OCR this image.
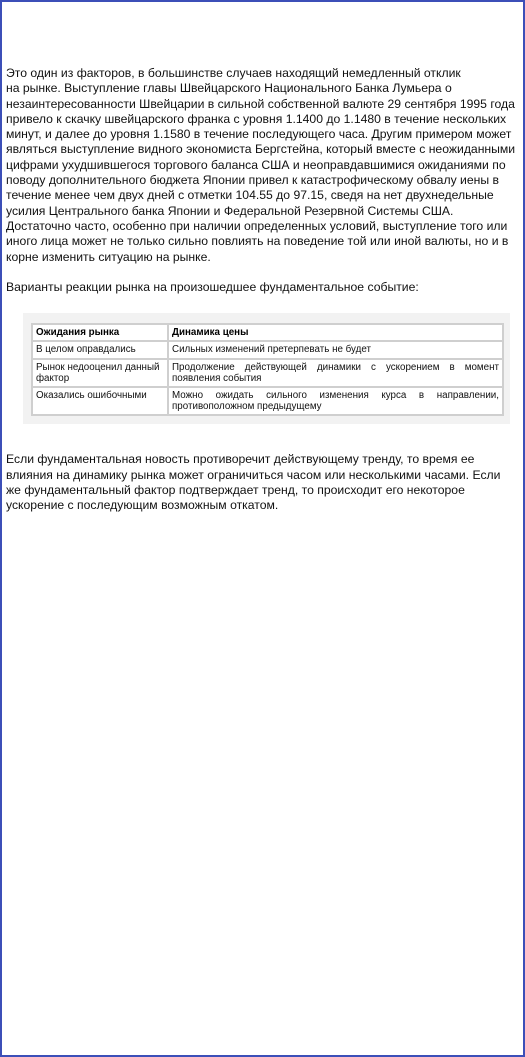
Это один из факторов, в большинстве случаев находящий немедленный отклик
на рынке. Выступление главы Швейцарского Национального Банка Лумьера о незаинтересованности Швейцарии в сильной собственной валюте 29 сентября 1995 года привело к скачку швейцарского франка с уровня 1.1400 до 1.1480 в течение нескольких минут, и далее до уровня 1.1580 в течение последующего часа. Другим примером может являться выступление видного экономиста Бергстейна, который вместе с неожиданными цифрами ухудшившегося торгового баланса США и неоправдавшимися ожиданиями по поводу дополнительного бюджета Японии привел к катастрофическому обвалу иены в течение менее чем двух дней с отметки 104.55 до 97.15, сведя на нет двухнедельные усилия Центрального банка Японии и Федеральной Резервной Системы США. Достаточно часто, особенно при наличии определенных условий, выступление того или иного лица может не только сильно повлиять на поведение той или иной валюты, но и в корне изменить ситуацию на рынке.

Варианты реакции рынка на произошедшее фундаментальное событие:

Ожидания рынка	Динамика цены
В целом оправдались	Сильных изменений претерпевать не будет
Рынок недооценил данный фактор	Продолжение действующей динамики с ускорением в момент появления события
Оказались ошибочными	Можно ожидать сильного изменения курса в направлении, противоположном предыдущему

Если фундаментальная новость противоречит действующему тренду, то время ее влияния на динамику рынка может ограничиться часом или несколькими часами. Если же фундаментальный фактор подтверждает тренд, то происходит его некоторое ускорение с последующим возможным откатом.
